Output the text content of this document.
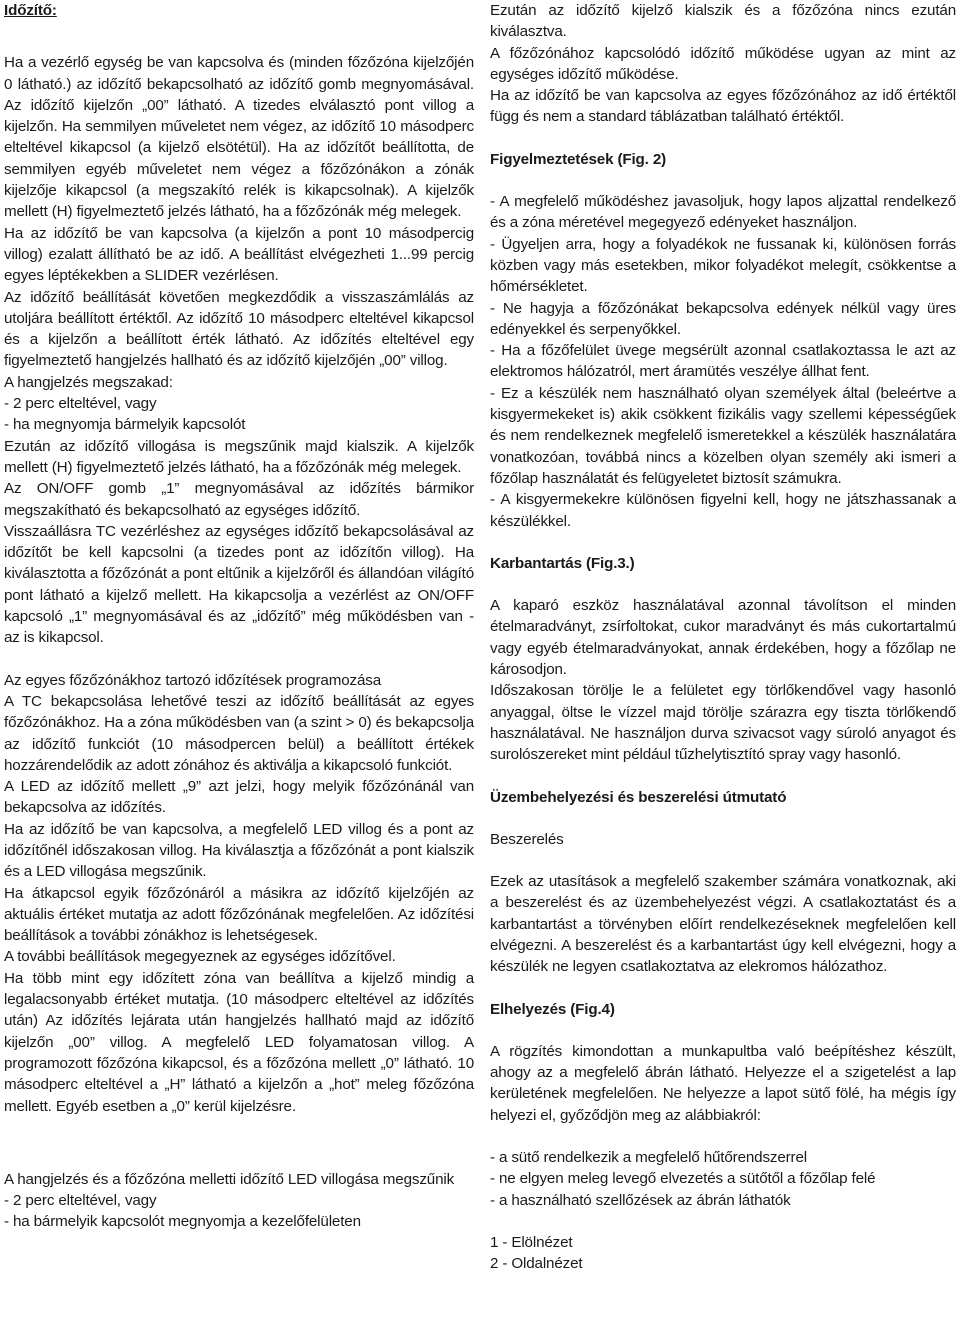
Időzítő:

Ha a vezérlő egység be van kapcsolva és (minden főzőzóna kijelzőjén 0 látható.) az időzítő bekapcsolható az időzítő gomb megnyomásával. Az időzítő kijelzőn „00” látható. A tizedes elválasztó pont villog a kijelzőn. Ha semmilyen műveletet nem végez, az időzítő 10 másodperc elteltével kikapcsol (a kijelző elsötétül). Ha az időzítőt beállította, de semmilyen egyéb műveletet nem végez a főzőzónákon a zónák kijelzője kikapcsol (a megszakító relék is kikapcsolnak). A kijelzők mellett (H) figyelmeztető jelzés látható, ha a főzőzónák még melegek.

Ha az időzítő be van kapcsolva (a kijelzőn a pont 10 másodpercig villog) ezalatt állítható be az idő. A beállítást elvégezheti 1...99 percig egyes léptékekben a SLIDER vezérlésen.

Az időzítő beállítását követően megkezdődik a visszaszámlálás az utoljára beállított értéktől. Az időzítő 10 másodperc elteltével kikapcsol és a kijelzőn a beállított érték látható. Az időzítés elteltével egy figyelmeztető hangjelzés hallható és az időzítő kijelzőjén „00” villog.

A hangjelzés megszakad:

- 2 perc elteltével, vagy

- ha megnyomja bármelyik kapcsolót

Ezután az időzítő villogása is megszűnik majd kialszik. A kijelzők mellett (H) figyelmeztető jelzés látható, ha a főzőzónák még melegek.

Az ON/OFF gomb „1” megnyomásával az időzítés bármikor megszakítható és bekapcsolható az egységes időzítő.

Visszaállásra TC vezérléshez az egységes időzítő bekapcsolásával az időzítőt be kell kapcsolni (a tizedes pont az időzítőn villog). Ha kiválasztotta a főzőzónát a pont eltűnik a kijelzőről és állandóan világító pont látható a kijelző mellett. Ha kikapcsolja a vezérlést az ON/OFF kapcsoló „1” megnyomásával és az „időzítő” még működésben van - az is kikapcsol.

Az egyes főzőzónákhoz tartozó időzítések programozása

A TC bekapcsolása lehetővé teszi az időzítő beállítását az egyes főzőzónákhoz. Ha a zóna működésben van (a szint > 0) és bekapcsolja az időzítő funkciót (10 másodpercen belül) a beállított értékek hozzárendelődik az adott zónához és aktiválja a kikapcsoló funkciót.

A LED az időzítő mellett „9” azt jelzi, hogy melyik főzőzónánál van bekapcsolva az időzítés.

Ha az időzítő be van kapcsolva, a megfelelő LED villog és a pont az időzítőnél időszakosan villog. Ha kiválasztja a főzőzónát a pont kialszik és a LED villogása megszűnik.

Ha átkapcsol egyik főzőzónáról a másikra az időzítő kijelzőjén az aktuális értéket mutatja az adott főzőzónának megfelelően. Az időzítési beállítások a további zónákhoz is lehetségesek.

A további beállítások megegyeznek az egységes időzítővel.

Ha több mint egy időzített zóna van beállítva a kijelző mindig a legalacsonyabb értéket mutatja. (10 másodperc elteltével az időzítés után) Az időzítés lejárata után hangjelzés hallható majd az időzítő kijelzőn „00” villog. A megfelelő LED folyamatosan villog. A programozott főzőzóna kikapcsol, és a főzőzóna mellett „0” látható. 10 másodperc elteltével a „H” látható a kijelzőn a „hot” meleg főzőzóna mellett. Egyéb esetben a „0” kerül kijelzésre.

A hangjelzés és a főzőzóna melletti időzítő LED villogása megszűnik

- 2 perc elteltével, vagy

- ha bármelyik kapcsolót megnyomja a kezelőfelületen

Ezután az időzítő kijelző kialszik és a főzőzóna nincs ezután kiválasztva.

A főzőzónához kapcsolódó időzítő működése ugyan az mint az egységes időzítő működése.

Ha az időzítő be van kapcsolva az egyes főzőzónához az idő értéktől függ és nem a standard táblázatban található értéktől.

Figyelmeztetések (Fig. 2)

- A megfelelő működéshez javasoljuk, hogy lapos aljzattal rendelkező és a zóna méretével megegyező edényeket használjon.

- Ügyeljen arra, hogy a folyadékok ne fussanak ki, különösen forrás közben vagy más esetekben, mikor folyadékot melegít, csökkentse a hőmérsékletet.

- Ne hagyja a főzőzónákat bekapcsolva edények nélkül vagy üres edényekkel és serpenyőkkel.

- Ha a főzőfelület üvege megsérült azonnal csatlakoztassa le azt az elektromos hálózatról, mert áramütés veszélye állhat fent.

- Ez a készülék nem használható olyan személyek által (beleértve a kisgyermekeket is) akik csökkent fizikális vagy szellemi képességűek és nem rendelkeznek megfelelő ismeretekkel a készülék használatára vonatkozóan, továbbá nincs a közelben olyan személy aki ismeri a főzőlap használatát és felügyeletet biztosít számukra.

- A kisgyermekekre különösen figyelni kell, hogy ne játszhassanak a készülékkel.

Karbantartás (Fig.3.)

A kaparó eszköz használatával azonnal távolítson el minden ételmaradványt, zsírfoltokat, cukor maradványt és más cukortartalmú vagy egyéb ételmaradványokat, annak érdekében, hogy a főzőlap ne károsodjon.

Időszakosan törölje le a felületet egy törlőkendővel vagy hasonló anyaggal, öltse le vízzel majd törölje szárazra egy tiszta törlőkendő használatával. Ne használjon durva szivacsot vagy súroló anyagot és surolószereket mint például tűzhelytisztító spray vagy hasonló.

Üzembehelyezési és beszerelési útmutató

Beszerelés

Ezek az utasítások a megfelelő szakember számára vonatkoznak, aki a beszerelést és az üzembehelyezést végzi. A csatlakoztatást és a karbantartást a törvényben előírt rendelkezéseknek megfelelően kell elvégezni. A beszerelést és a karbantartást úgy kell elvégezni, hogy a készülék ne legyen csatlakoztatva az elekromos hálózathoz.

Elhelyezés (Fig.4)

A rögzítés kimondottan a munkapultba való beépítéshez készült, ahogy az a megfelelő ábrán látható. Helyezze el a szigetelést a lap kerületének megfelelően. Ne helyezze a lapot sütő fölé, ha mégis így helyezi el, győződjön meg az alábbiakról:

- a sütő rendelkezik a megfelelő hűtőrendszerrel

- ne elgyen meleg levegő elvezetés a sütőtől a főzőlap felé

- a használható szellőzések az ábrán láthatók

1 - Elölnézet

2 - Oldalnézet
